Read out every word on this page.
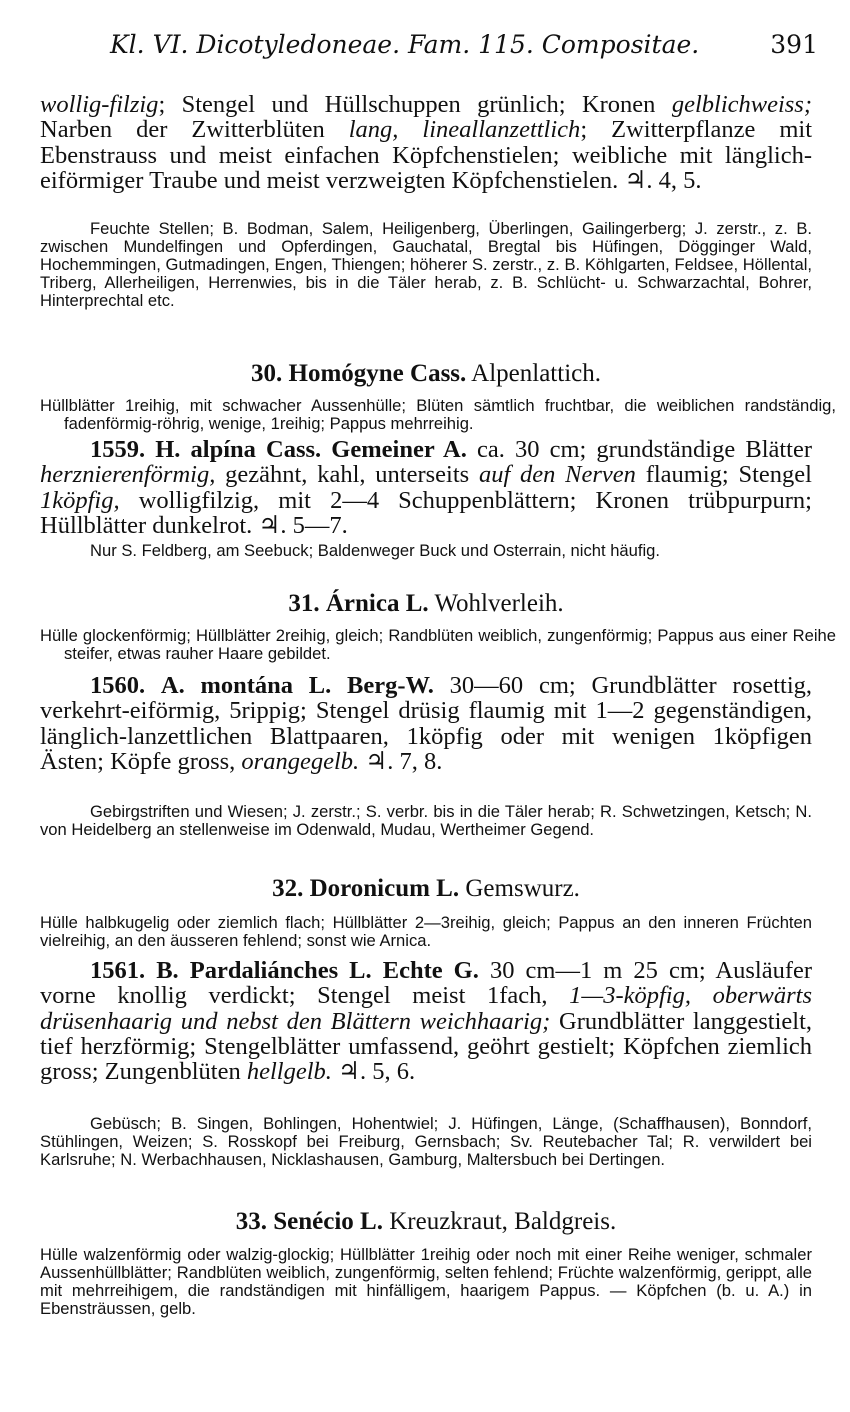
Kl. VI. Dicotyledoneae. Fam. 115. Compositae.	391

wollig-filzig; Stengel und Hüllschuppen grünlich; Kronen gelblichweiss; Narben der Zwitterblüten lang, lineallanzettlich; Zwitterpflanze mit Ebenstrauss und meist einfachen Köpfchenstielen; weibliche mit länglich-eiförmiger Traube und meist verzweigten Köpfchenstielen. ♃. 4, 5.

Feuchte Stellen; B. Bodman, Salem, Heiligenberg, Überlingen, Gailingerberg; J. zerstr., z. B. zwischen Mundelfingen und Opferdingen, Gauchatal, Bregtal bis Hüfingen, Dögginger Wald, Hochemmingen, Gutmadingen, Engen, Thiengen; höherer S. zerstr., z. B. Köhlgarten, Feldsee, Höllental, Triberg, Allerheiligen, Herrenwies, bis in die Täler herab, z. B. Schlücht- u. Schwarzachtal, Bohrer, Hinterprechtal etc.

30. Homógyne Cass. Alpenlattich.

Hüllblätter 1reihig, mit schwacher Aussenhülle; Blüten sämtlich fruchtbar, die weiblichen randständig, fadenförmig-röhrig, wenige, 1reihig; Pappus mehrreihig.

1559. H. alpína Cass. Gemeiner A. ca. 30 cm; grundständige Blätter herznierenförmig, gezähnt, kahl, unterseits auf den Nerven flaumig; Stengel 1köpfig, wolligfilzig, mit 2—4 Schuppenblättern; Kronen trübpurpurn; Hüllblätter dunkelrot. ♃. 5—7.

Nur S. Feldberg, am Seebuck; Baldenweger Buck und Osterrain, nicht häufig.

31. Árnica L. Wohlverleih.

Hülle glockenförmig; Hüllblätter 2reihig, gleich; Randblüten weiblich, zungenförmig; Pappus aus einer Reihe steifer, etwas rauher Haare gebildet.

1560. A. montána L. Berg-W. 30—60 cm; Grundblätter rosettig, verkehrt-eiförmig, 5rippig; Stengel drüsig flaumig mit 1—2 gegenständigen, länglich-lanzettlichen Blattpaaren, 1köpfig oder mit wenigen 1köpfigen Ästen; Köpfe gross, orangegelb. ♃. 7, 8.

Gebirgstriften und Wiesen; J. zerstr.; S. verbr. bis in die Täler herab; R. Schwetzingen, Ketsch; N. von Heidelberg an stellenweise im Odenwald, Mudau, Wertheimer Gegend.

32. Doronicum L. Gemswurz.

Hülle halbkugelig oder ziemlich flach; Hüllblätter 2—3reihig, gleich; Pappus an den inneren Früchten vielreihig, an den äusseren fehlend; sonst wie Arnica.

1561. B. Pardaliánches L. Echte G. 30 cm—1 m 25 cm; Ausläufer vorne knollig verdickt; Stengel meist 1fach, 1—3-köpfig, oberwärts drüsenhaarig und nebst den Blättern weichhaarig; Grundblätter langgestielt, tief herzförmig; Stengelblätter umfassend, geöhrt gestielt; Köpfchen ziemlich gross; Zungenblüten hellgelb. ♃. 5, 6.

Gebüsch; B. Singen, Bohlingen, Hohentwiel; J. Hüfingen, Länge, (Schaffhausen), Bonndorf, Stühlingen, Weizen; S. Rosskopf bei Freiburg, Gernsbach; Sv. Reutebacher Tal; R. verwildert bei Karlsruhe; N. Werbachhausen, Nicklashausen, Gamburg, Maltersbuch bei Dertingen.

33. Senécio L. Kreuzkraut, Baldgreis.

Hülle walzenförmig oder walzig-glockig; Hüllblätter 1reihig oder noch mit einer Reihe weniger, schmaler Aussenhüllblätter; Randblüten weiblich, zungenförmig, selten fehlend; Früchte walzenförmig, gerippt, alle mit mehrreihigem, die randständigen mit hinfälligem, haarigem Pappus. — Köpfchen (b. u. A.) in Ebensträussen, gelb.
